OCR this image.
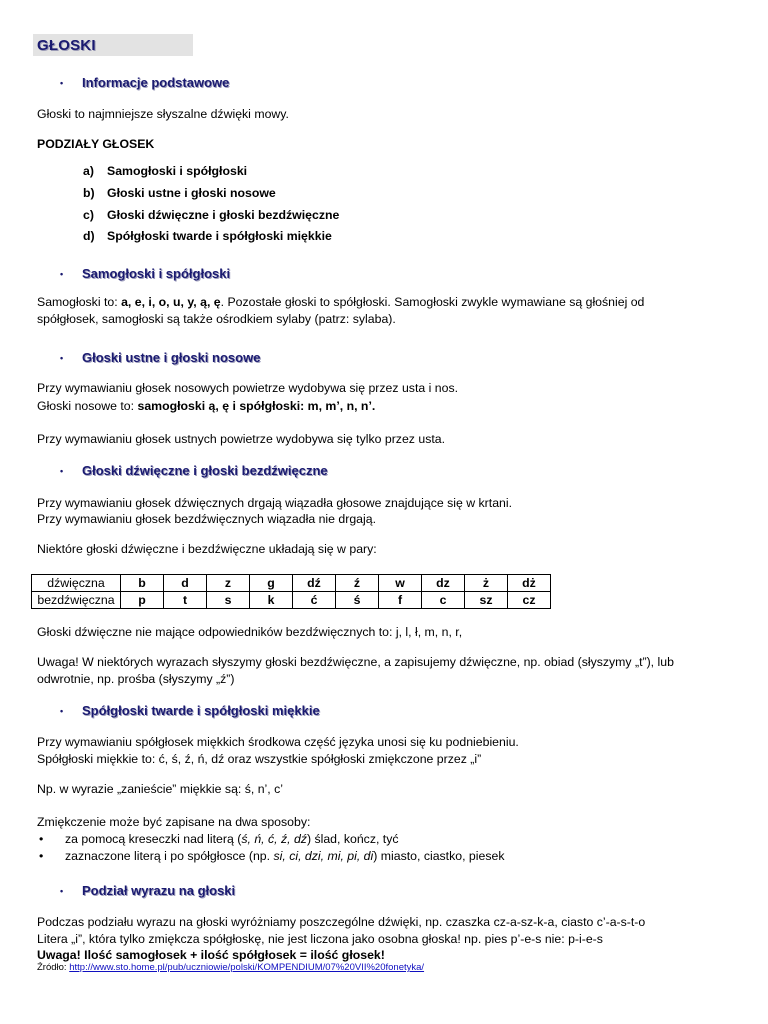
GŁOSKI
• Informacje podstawowe
Głoski to najmniejsze słyszalne dźwięki mowy.
PODZIAŁY GŁOSEK
a) Samogłoski i spółgłoski
b) Głoski ustne i głoski nosowe
c) Głoski dźwięczne i głoski bezdźwięczne
d) Spółgłoski twarde i spółgłoski miękkie
• Samogłoski i spółgłoski
Samogłoski to: a, e, i, o, u, y, ą, ę. Pozostałe głoski to spółgłoski. Samogłoski zwykle wymawiane są głośniej od
spółgłosek, samogłoski są także ośrodkiem sylaby (patrz: sylaba).
• Głoski ustne i głoski nosowe
Przy wymawianiu głosek nosowych powietrze wydobywa się przez usta i nos.
Głoski nosowe to: samogłoski ą, ę i spółgłoski: m, m’, n, n’.
Przy wymawianiu głosek ustnych powietrze wydobywa się tylko przez usta.
• Głoski dźwięczne i głoski bezdźwięczne
Przy wymawianiu głosek dźwięcznych drgają wiązadła głosowe znajdujące się w krtani.
Przy wymawianiu głosek bezdźwięcznych wiązadła nie drgają.
Niektóre głoski dźwięczne i bezdźwięczne układają się w pary:
dźwięczna	b	d	z	g	dź	ź	w	dz	ż	dż
bezdźwięczna	p	t	s	k	ć	ś	f	c	sz	cz
Głoski dźwięczne nie mające odpowiedników bezdźwięcznych to: j, l, ł, m, n, r,
Uwaga! W niektórych wyrazach słyszymy głoski bezdźwięczne, a zapisujemy dźwięczne, np. obiad (słyszymy „t”), lub
odwrotnie, np. prośba (słyszymy „ź”)
• Spółgłoski twarde i spółgłoski miękkie
Przy wymawianiu spółgłosek miękkich środkowa część języka unosi się ku podniebieniu.
Spółgłoski miękkie to: ć, ś, ź, ń, dź oraz wszystkie spółgłoski zmiękczone przez „i”
Np. w wyrazie „zanieście” miękkie są: ś, n’, c’
Zmiękczenie może być zapisane na dwa sposoby:
• za pomocą kreseczki nad literą (ś, ń, ć, ź, dź) ślad, kończ, tyć
• zaznaczone literą i po spółgłosce (np. si, ci, dzi, mi, pi, di) miasto, ciastko, piesek
• Podział wyrazu na głoski
Podczas podziału wyrazu na głoski wyróżniamy poszczególne dźwięki, np. czaszka cz-a-sz-k-a, ciasto c’-a-s-t-o
Litera „i”, która tylko zmiękcza spółgłoskę, nie jest liczona jako osobna głoska! np. pies p’-e-s nie: p-i-e-s
Uwaga! Ilość samogłosek + ilość spółgłosek = ilość głosek!
Źródło: http://www.sto.home.pl/pub/uczniowie/polski/KOMPENDIUM/07%20VII%20fonetyka/
